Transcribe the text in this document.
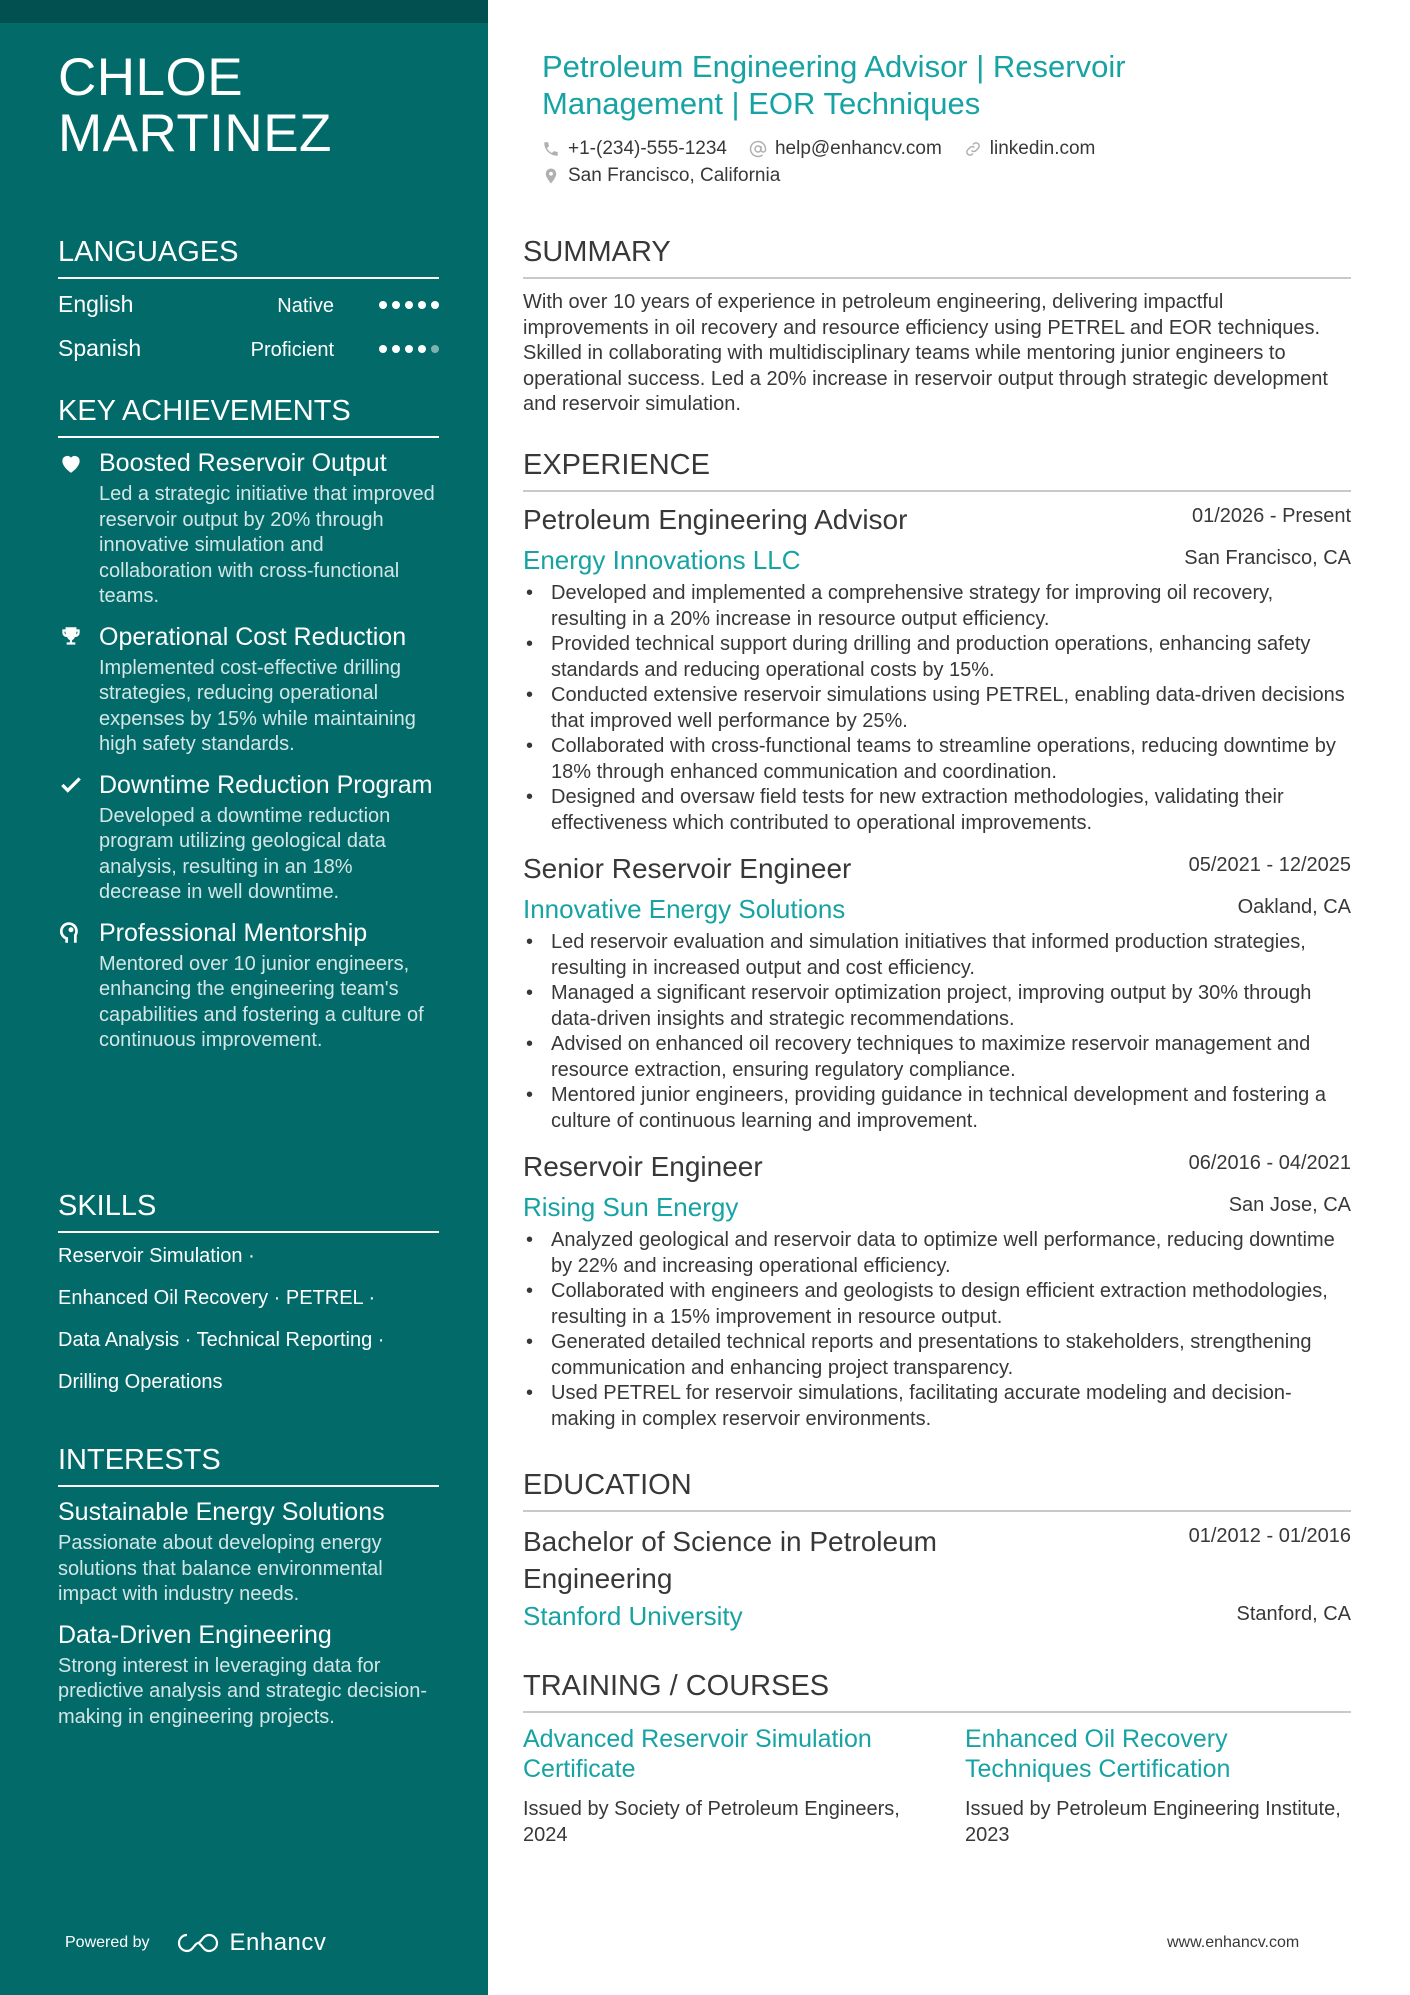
CHLOE MARTINEZ
LANGUAGES
English	Native
Spanish	Proficient
KEY ACHIEVEMENTS
Boosted Reservoir Output
Led a strategic initiative that improved reservoir output by 20% through innovative simulation and collaboration with cross-functional teams.
Operational Cost Reduction
Implemented cost-effective drilling strategies, reducing operational expenses by 15% while maintaining high safety standards.
Downtime Reduction Program
Developed a downtime reduction program utilizing geological data analysis, resulting in an 18% decrease in well downtime.
Professional Mentorship
Mentored over 10 junior engineers, enhancing the engineering team's capabilities and fostering a culture of continuous improvement.
SKILLS
Reservoir Simulation ·
Enhanced Oil Recovery · PETREL ·
Data Analysis · Technical Reporting ·
Drilling Operations
INTERESTS
Sustainable Energy Solutions
Passionate about developing energy solutions that balance environmental impact with industry needs.
Data-Driven Engineering
Strong interest in leveraging data for predictive analysis and strategic decision-making in engineering projects.
Powered by	Enhancv
Petroleum Engineering Advisor | Reservoir Management | EOR Techniques
+1-(234)-555-1234	help@enhancv.com	linkedin.com
San Francisco, California
SUMMARY
With over 10 years of experience in petroleum engineering, delivering impactful improvements in oil recovery and resource efficiency using PETREL and EOR techniques. Skilled in collaborating with multidisciplinary teams while mentoring junior engineers to operational success. Led a 20% increase in reservoir output through strategic development and reservoir simulation.
EXPERIENCE
Petroleum Engineering Advisor	01/2026 - Present
Energy Innovations LLC	San Francisco, CA
• Developed and implemented a comprehensive strategy for improving oil recovery, resulting in a 20% increase in resource output efficiency.
• Provided technical support during drilling and production operations, enhancing safety standards and reducing operational costs by 15%.
• Conducted extensive reservoir simulations using PETREL, enabling data-driven decisions that improved well performance by 25%.
• Collaborated with cross-functional teams to streamline operations, reducing downtime by 18% through enhanced communication and coordination.
• Designed and oversaw field tests for new extraction methodologies, validating their effectiveness which contributed to operational improvements.
Senior Reservoir Engineer	05/2021 - 12/2025
Innovative Energy Solutions	Oakland, CA
• Led reservoir evaluation and simulation initiatives that informed production strategies, resulting in increased output and cost efficiency.
• Managed a significant reservoir optimization project, improving output by 30% through data-driven insights and strategic recommendations.
• Advised on enhanced oil recovery techniques to maximize reservoir management and resource extraction, ensuring regulatory compliance.
• Mentored junior engineers, providing guidance in technical development and fostering a culture of continuous learning and improvement.
Reservoir Engineer	06/2016 - 04/2021
Rising Sun Energy	San Jose, CA
• Analyzed geological and reservoir data to optimize well performance, reducing downtime by 22% and increasing operational efficiency.
• Collaborated with engineers and geologists to design efficient extraction methodologies, resulting in a 15% improvement in resource output.
• Generated detailed technical reports and presentations to stakeholders, strengthening communication and enhancing project transparency.
• Used PETREL for reservoir simulations, facilitating accurate modeling and decision-making in complex reservoir environments.
EDUCATION
Bachelor of Science in Petroleum Engineering
01/2012 - 01/2016
Stanford University	Stanford, CA
TRAINING / COURSES
Advanced Reservoir Simulation Certificate
Issued by Society of Petroleum Engineers, 2024
Enhanced Oil Recovery Techniques Certification
Issued by Petroleum Engineering Institute, 2023
www.enhancv.com
